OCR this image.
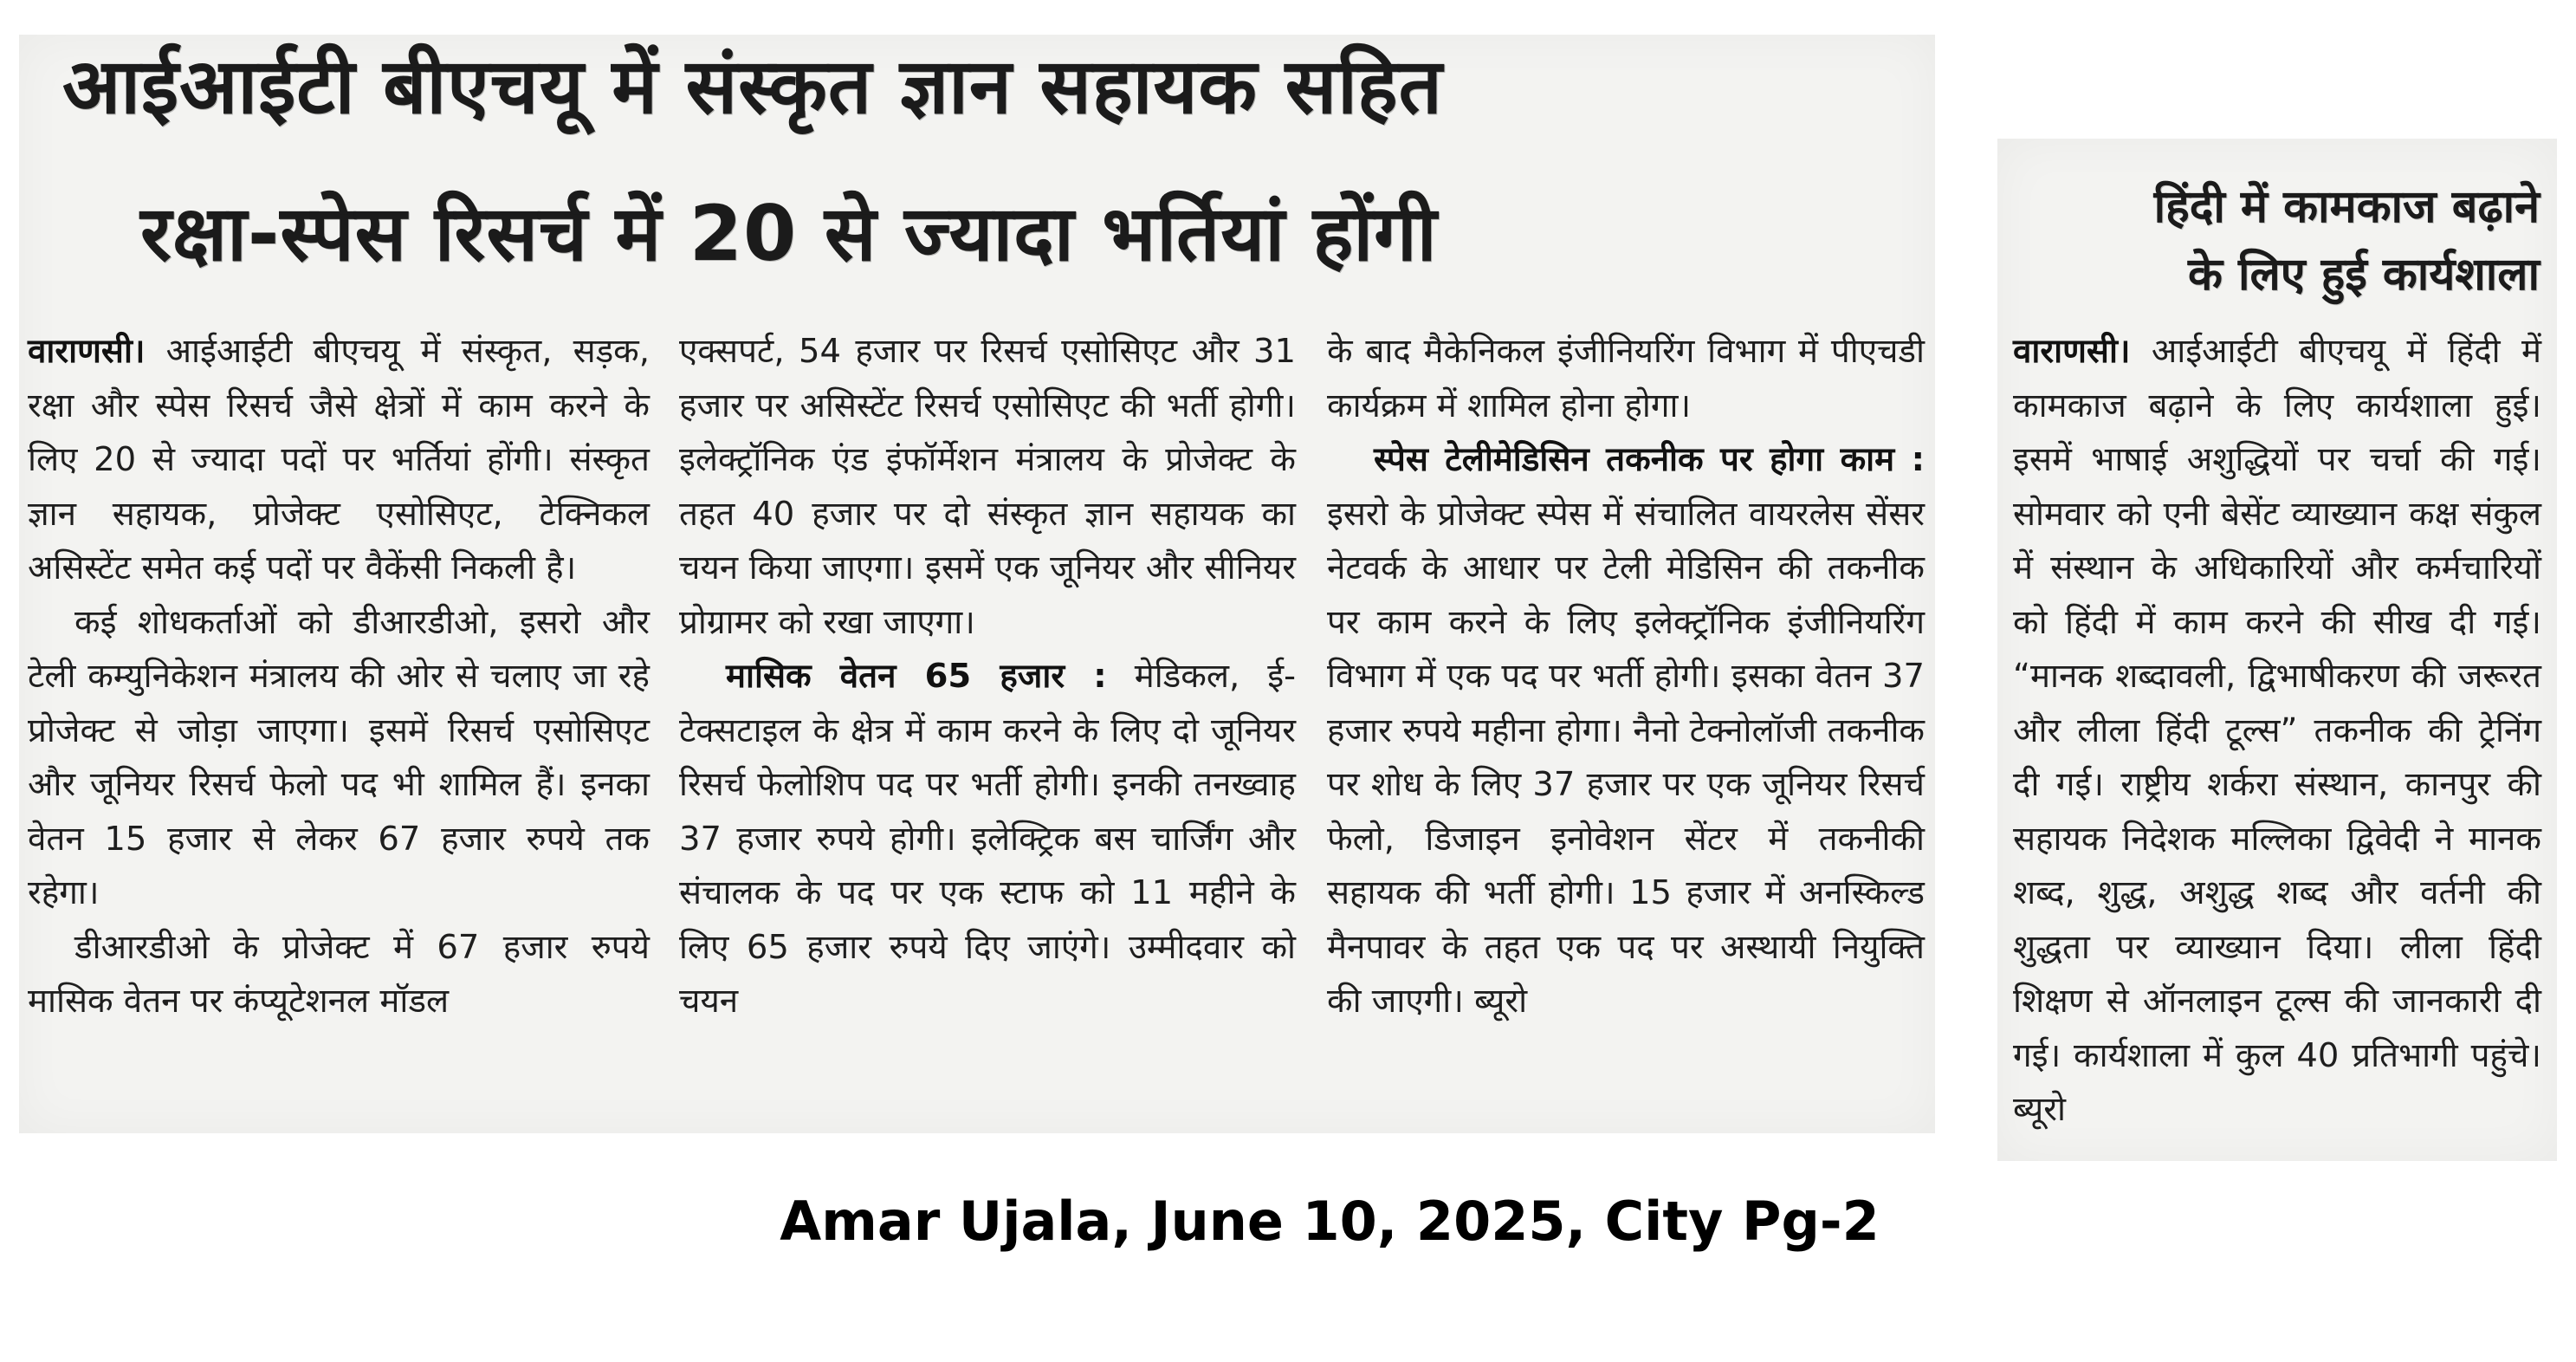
आईआईटी बीएचयू में संस्कृत ज्ञान सहायक सहित
रक्षा-स्पेस रिसर्च में 20 से ज्यादा भर्तियां होंगी

वाराणसी। आईआईटी बीएचयू में संस्कृत, सड़क, रक्षा और स्पेस रिसर्च जैसे क्षेत्रों में काम करने के लिए 20 से ज्यादा पदों पर भर्तियां होंगी। संस्कृत ज्ञान सहायक, प्रोजेक्ट एसोसिएट, टेक्निकल असिस्टेंट समेत कई पदों पर वैकेंसी निकली है।

कई शोधकर्ताओं को डीआरडीओ, इसरो और टेली कम्युनिकेशन मंत्रालय की ओर से चलाए जा रहे प्रोजेक्ट से जोड़ा जाएगा। इसमें रिसर्च एसोसिएट और जूनियर रिसर्च फेलो पद भी शामिल हैं। इनका वेतन 15 हजार से लेकर 67 हजार रुपये तक रहेगा।

डीआरडीओ के प्रोजेक्ट में 67 हजार रुपये मासिक वेतन पर कंप्यूटेशनल मॉडल

एक्सपर्ट, 54 हजार पर रिसर्च एसोसिएट और 31 हजार पर असिस्टेंट रिसर्च एसोसिएट की भर्ती होगी। इलेक्ट्रॉनिक एंड इंफॉर्मेशन मंत्रालय के प्रोजेक्ट के तहत 40 हजार पर दो संस्कृत ज्ञान सहायक का चयन किया जाएगा। इसमें एक जूनियर और सीनियर प्रोग्रामर को रखा जाएगा।

मासिक वेतन 65 हजार : मेडिकल, ई-टेक्सटाइल के क्षेत्र में काम करने के लिए दो जूनियर रिसर्च फेलोशिप पद पर भर्ती होगी। इनकी तनख्वाह 37 हजार रुपये होगी। इलेक्ट्रिक बस चार्जिंग और संचालक के पद पर एक स्टाफ को 11 महीने के लिए 65 हजार रुपये दिए जाएंगे। उम्मीदवार को चयन

के बाद मैकेनिकल इंजीनियरिंग विभाग में पीएचडी कार्यक्रम में शामिल होना होगा।

स्पेस टेलीमेडिसिन तकनीक पर होगा काम : इसरो के प्रोजेक्ट स्पेस में संचालित वायरलेस सेंसर नेटवर्क के आधार पर टेली मेडिसिन की तकनीक पर काम करने के लिए इलेक्ट्रॉनिक इंजीनियरिंग विभाग में एक पद पर भर्ती होगी। इसका वेतन 37 हजार रुपये महीना होगा। नैनो टेक्नोलॉजी तकनीक पर शोध के लिए 37 हजार पर एक जूनियर रिसर्च फेलो, डिजाइन इनोवेशन सेंटर में तकनीकी सहायक की भर्ती होगी। 15 हजार में अनस्किल्ड मैनपावर के तहत एक पद पर अस्थायी नियुक्ति की जाएगी। ब्यूरो

हिंदी में कामकाज बढ़ाने
के लिए हुई कार्यशाला

वाराणसी। आईआईटी बीएचयू में हिंदी में कामकाज बढ़ाने के लिए कार्यशाला हुई। इसमें भाषाई अशुद्धियों पर चर्चा की गई। सोमवार को एनी बेसेंट व्याख्यान कक्ष संकुल में संस्थान के अधिकारियों और कर्मचारियों को हिंदी में काम करने की सीख दी गई। “मानक शब्दावली, द्विभाषीकरण की जरूरत और लीला हिंदी टूल्स” तकनीक की ट्रेनिंग दी गई। राष्ट्रीय शर्करा संस्थान, कानपुर की सहायक निदेशक मल्लिका द्विवेदी ने मानक शब्द, शुद्ध, अशुद्ध शब्द और वर्तनी की शुद्धता पर व्याख्यान दिया। लीला हिंदी शिक्षण से ऑनलाइन टूल्स की जानकारी दी गई। कार्यशाला में कुल 40 प्रतिभागी पहुंचे। ब्यूरो

Amar Ujala, June 10, 2025, City Pg-2
